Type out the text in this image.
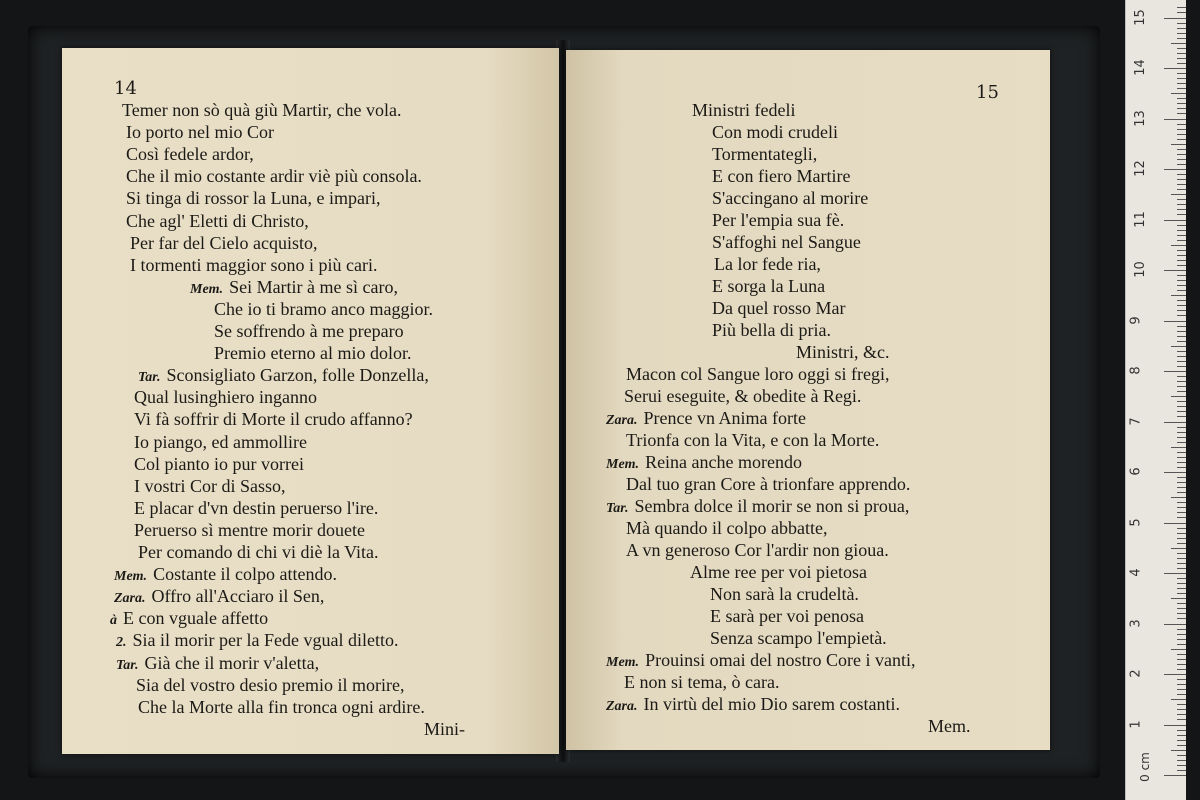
14
Temer non sò quà giù Martir, che vola.
Io porto nel mio Cor
Così fedele ardor,
Che il mio costante ardir viè più consola.
Si tinga di rossor la Luna, e impari,
Che agl' Eletti di Christo,
Per far del Cielo acquisto,
I tormenti maggior sono i più cari.
Mem. Sei Martir à me sì caro,
Che io ti bramo anco maggior.
Se soffrendo à me preparo
Premio eterno al mio dolor.
Tar. Sconsigliato Garzon, folle Donzella,
Qual lusinghiero inganno
Vi fà soffrir di Morte il crudo affanno?
Io piango, ed ammollire
Col pianto io pur vorrei
I vostri Cor di Sasso,
E placar d'vn destin peruerso l'ire.
Peruerso sì mentre morir douete
Per comando di chi vi diè la Vita.
Mem. Costante il colpo attendo.
Zara. Offro all'Acciaro il Sen,
à E con vguale affetto
2. Sia il morir per la Fede vgual diletto.
Tar. Già che il morir v'aletta,
Sia del vostro desio premio il morire,
Che la Morte alla fin tronca ogni ardire.
Mini-
15
Ministri fedeli
Con modi crudeli
Tormentategli,
E con fiero Martire
S'accingano al morire
Per l'empia sua fè.
S'affoghi nel Sangue
La lor fede ria,
E sorga la Luna
Da quel rosso Mar
Più bella di pria.
Ministri, &c.
Macon col Sangue loro oggi si fregi,
Serui eseguite, & obedite à Regi.
Zara. Prence vn Anima forte
Trionfa con la Vita, e con la Morte.
Mem. Reina anche morendo
Dal tuo gran Core à trionfare apprendo.
Tar. Sembra dolce il morir se non si proua,
Mà quando il colpo abbatte,
A vn generoso Cor l'ardir non gioua.
Alme ree per voi pietosa
Non sarà la crudeltà.
E sarà per voi penosa
Senza scampo l'empietà.
Mem. Prouinsi omai del nostro Core i vanti,
E non si tema, ò cara.
Zara. In virtù del mio Dio sarem costanti.
Mem.	1
2
3
4
5
6
7
8
9
10
11
12
13
14
15
0 cm
